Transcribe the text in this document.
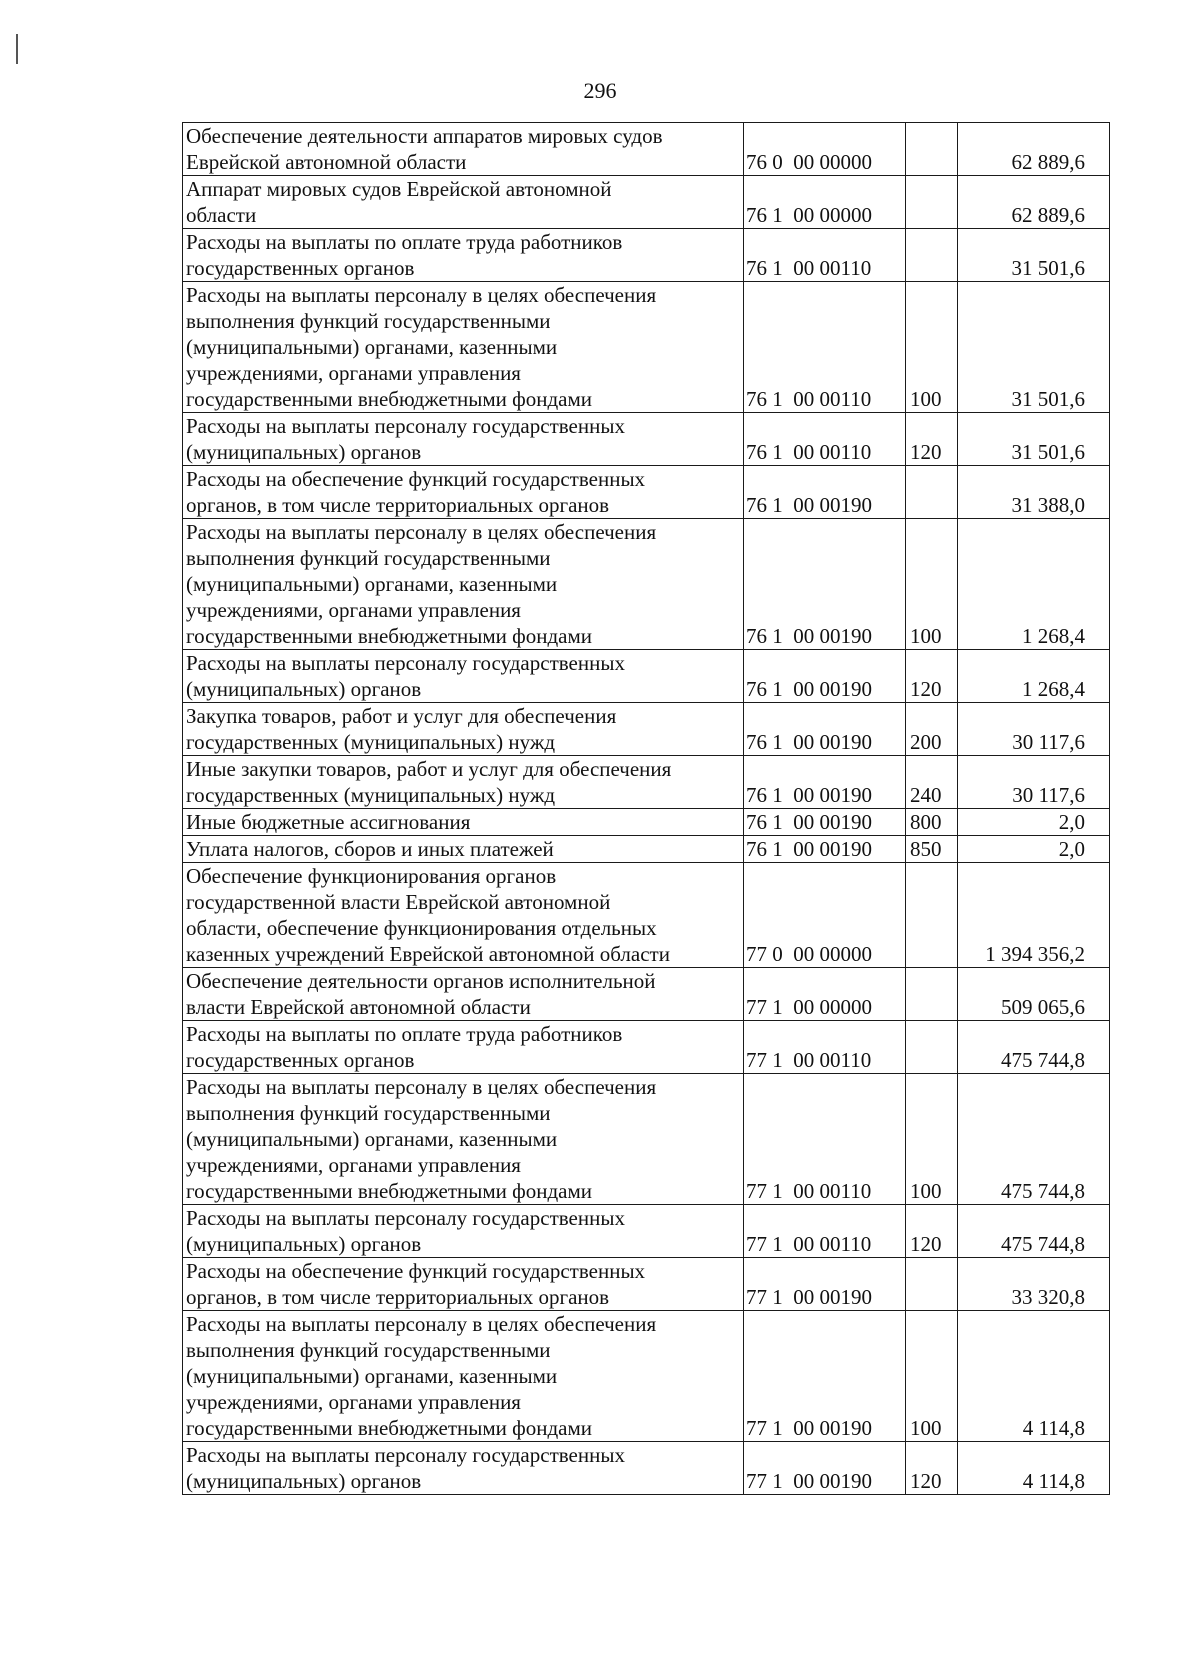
296
Обеспечение деятельности аппаратов мировых судов
Еврейской автономной области	76 0  00 00000		62 889,6
Аппарат мировых судов Еврейской автономной
области	76 1  00 00000		62 889,6
Расходы на выплаты по оплате труда работников
государственных органов	76 1  00 00110		31 501,6
Расходы на выплаты персоналу в целях обеспечения
выполнения функций государственными
(муниципальными) органами, казенными
учреждениями, органами управления
государственными внебюджетными фондами	76 1  00 00110	100	31 501,6
Расходы на выплаты персоналу государственных
(муниципальных) органов	76 1  00 00110	120	31 501,6
Расходы на обеспечение функций государственных
органов, в том числе территориальных органов	76 1  00 00190		31 388,0
Расходы на выплаты персоналу в целях обеспечения
выполнения функций государственными
(муниципальными) органами, казенными
учреждениями, органами управления
государственными внебюджетными фондами	76 1  00 00190	100	1 268,4
Расходы на выплаты персоналу государственных
(муниципальных) органов	76 1  00 00190	120	1 268,4
Закупка товаров, работ и услуг для обеспечения
государственных (муниципальных) нужд	76 1  00 00190	200	30 117,6
Иные закупки товаров, работ и услуг для обеспечения
государственных (муниципальных) нужд	76 1  00 00190	240	30 117,6
Иные бюджетные ассигнования	76 1  00 00190	800	2,0
Уплата налогов, сборов и иных платежей	76 1  00 00190	850	2,0
Обеспечение функционирования органов
государственной власти Еврейской автономной
области, обеспечение функционирования отдельных
казенных учреждений Еврейской автономной области	77 0  00 00000		1 394 356,2
Обеспечение деятельности органов исполнительной
власти Еврейской автономной области	77 1  00 00000		509 065,6
Расходы на выплаты по оплате труда работников
государственных органов	77 1  00 00110		475 744,8
Расходы на выплаты персоналу в целях обеспечения
выполнения функций государственными
(муниципальными) органами, казенными
учреждениями, органами управления
государственными внебюджетными фондами	77 1  00 00110	100	475 744,8
Расходы на выплаты персоналу государственных
(муниципальных) органов	77 1  00 00110	120	475 744,8
Расходы на обеспечение функций государственных
органов, в том числе территориальных органов	77 1  00 00190		33 320,8
Расходы на выплаты персоналу в целях обеспечения
выполнения функций государственными
(муниципальными) органами, казенными
учреждениями, органами управления
государственными внебюджетными фондами	77 1  00 00190	100	4 114,8
Расходы на выплаты персоналу государственных
(муниципальных) органов	77 1  00 00190	120	4 114,8
